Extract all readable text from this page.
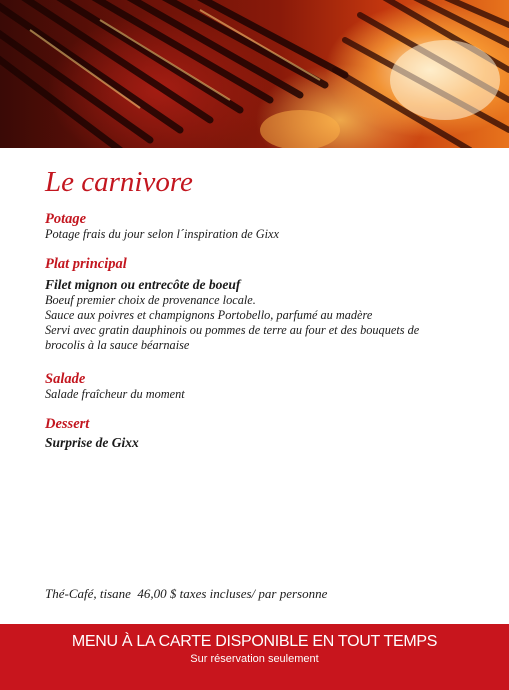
Le carnivore
Potage
Potage frais du jour selon l´inspiration de Gixx
Plat principal
Filet mignon ou entrecôte de boeuf
Boeuf premier choix de provenance locale.
Sauce aux poivres et champignons Portobello, parfumé au madère
Servi avec gratin dauphinois ou pommes de terre au four et des bouquets de
brocolis à la sauce béarnaise
Salade
Salade fraîcheur du moment
Dessert
Surprise de Gixx

Thé-Café, tisane  46,00 $ taxes incluses/ par personne

MENU À LA CARTE DISPONIBLE EN TOUT TEMPS
Sur réservation seulement
